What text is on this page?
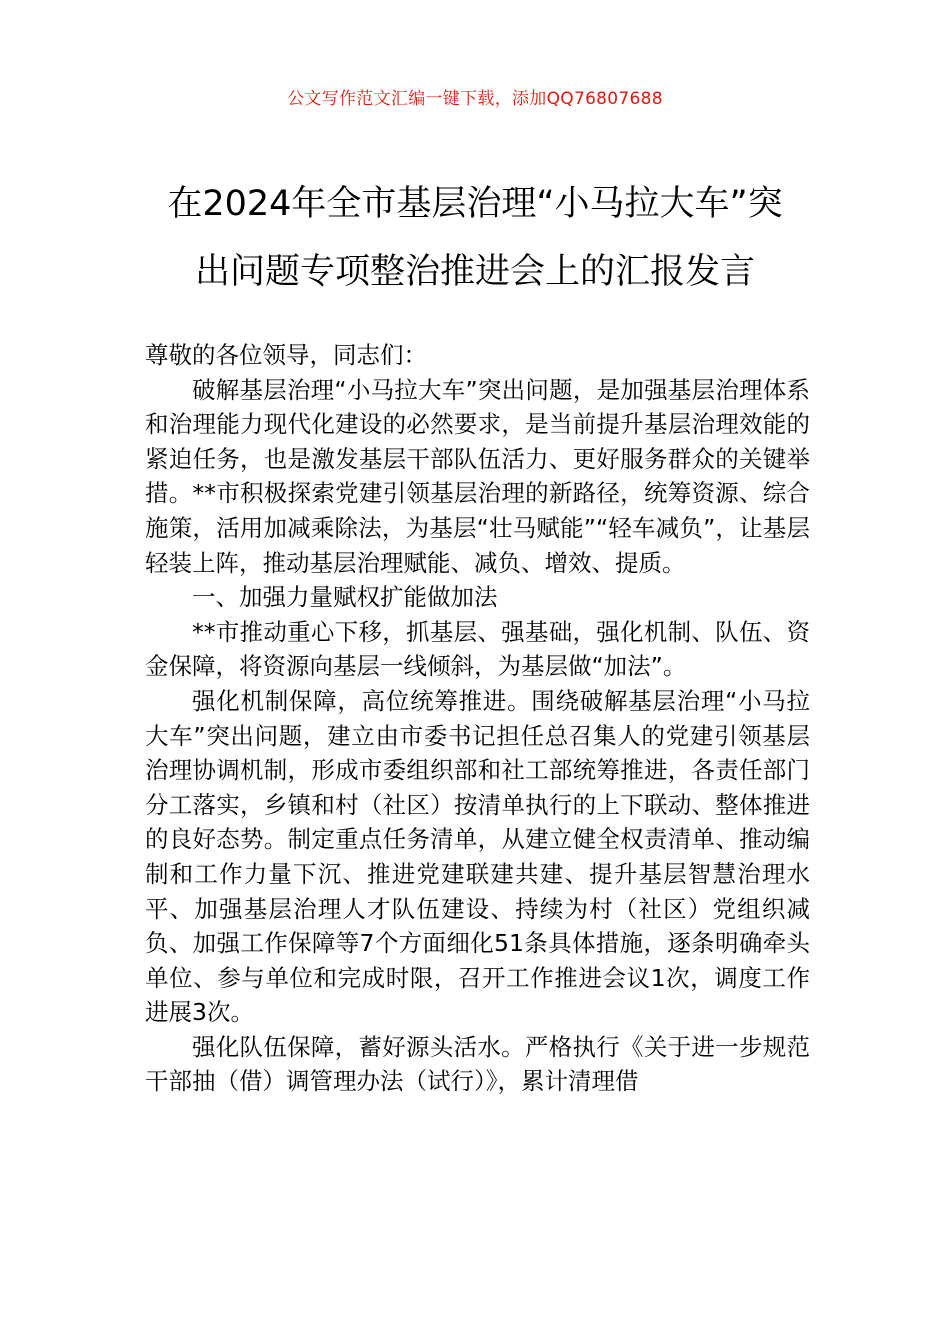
公文写作范文汇编一键下载，添加QQ76807688
在2024年全市基层治理“小马拉大车”突
出问题专项整治推进会上的汇报发言

尊敬的各位领导，同志们：

破解基层治理“小马拉大车”突出问题，是加强基层治理体系和治理能力现代化建设的必然要求，是当前提升基层治理效能的紧迫任务，也是激发基层干部队伍活力、更好服务群众的关键举措。**市积极探索党建引领基层治理的新路径，统筹资源、综合施策，活用加减乘除法，为基层“壮马赋能”“轻车减负”，让基层轻装上阵，推动基层治理赋能、减负、增效、提质。

一、加强力量赋权扩能做加法

**市推动重心下移，抓基层、强基础，强化机制、队伍、资金保障，将资源向基层一线倾斜，为基层做“加法”。

强化机制保障，高位统筹推进。围绕破解基层治理“小马拉大车”突出问题，建立由市委书记担任总召集人的党建引领基层治理协调机制，形成市委组织部和社工部统筹推进，各责任部门分工落实，乡镇和村（社区）按清单执行的上下联动、整体推进的良好态势。制定重点任务清单，从建立健全权责清单、推动编制和工作力量下沉、推进党建联建共建、提升基层智慧治理水平、加强基层治理人才队伍建设、持续为村（社区）党组织减负、加强工作保障等7个方面细化51条具体措施，逐条明确牵头单位、参与单位和完成时限，召开工作推进会议1次，调度工作进展3次。

强化队伍保障，蓄好源头活水。严格执行《关于进一步规范干部抽（借）调管理办法（试行）》，累计清理借
